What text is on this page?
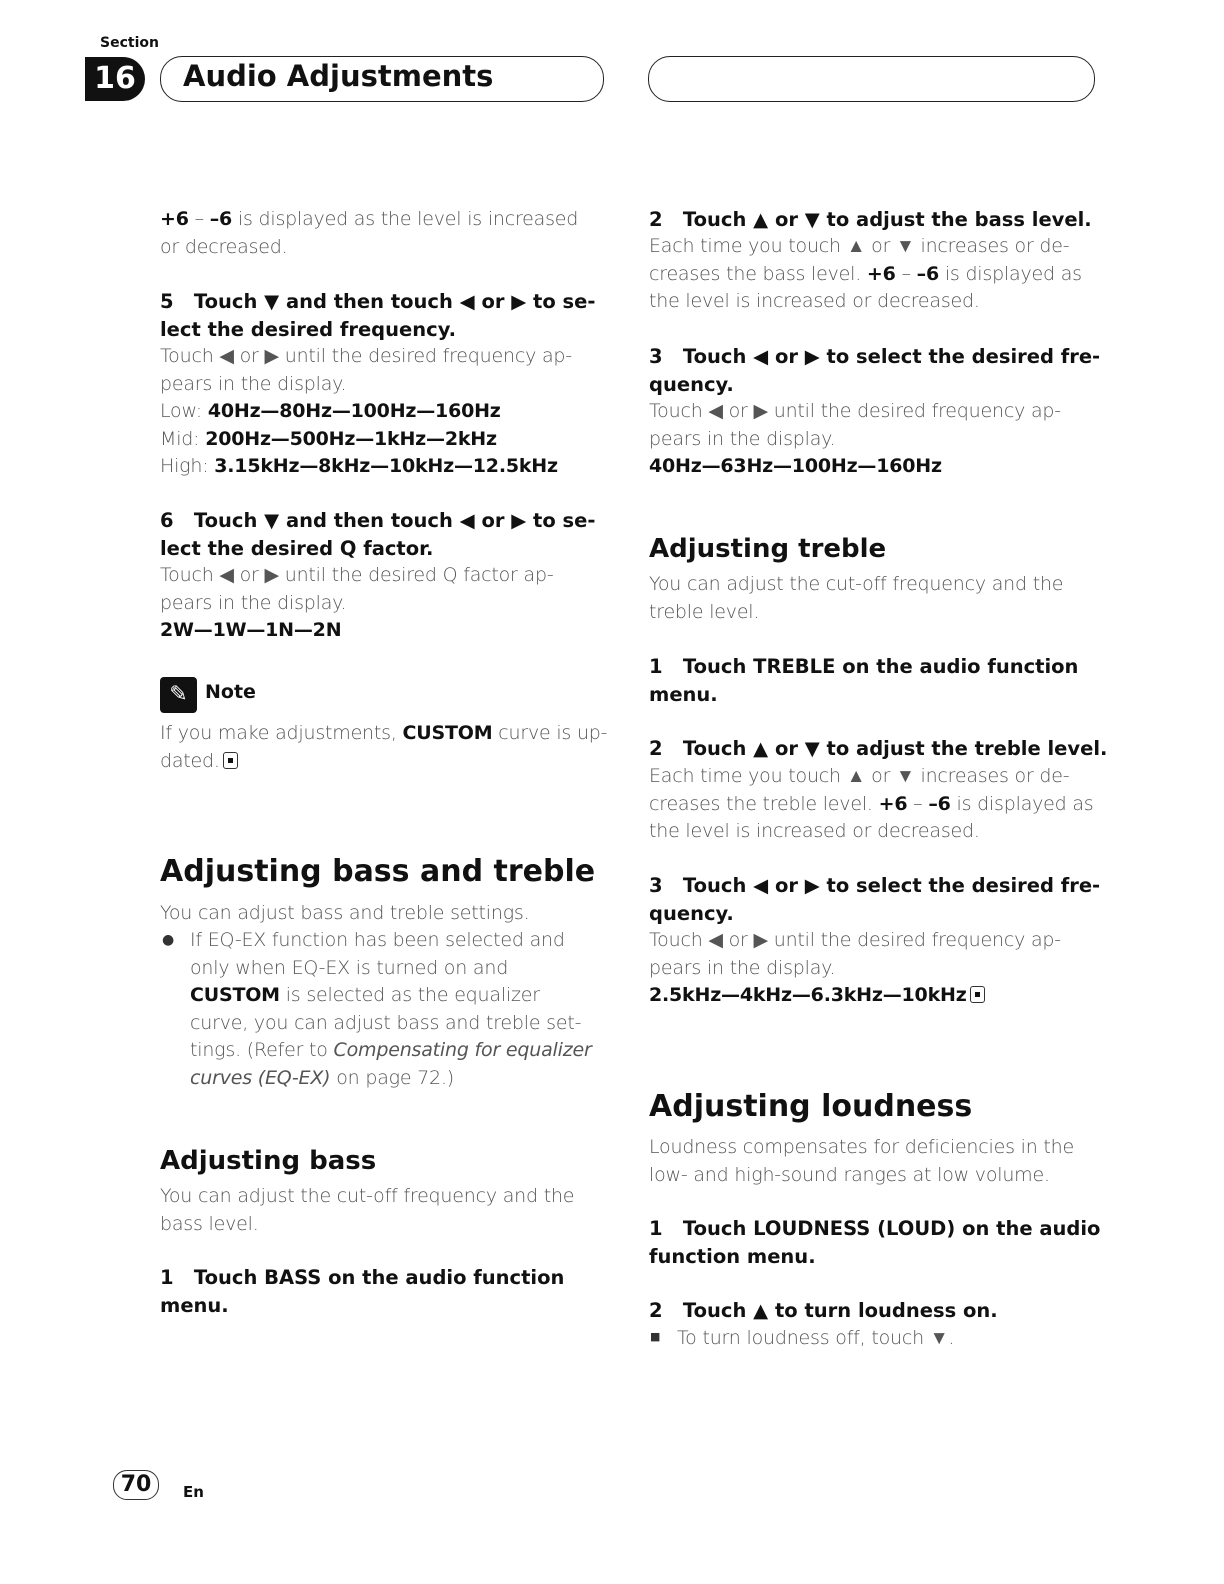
Section
16	Audio Adjustments
+6 – –6 is displayed as the level is increased
or decreased.
5   Touch ▼ and then touch ◀ or ▶ to se-
lect the desired frequency.
Touch ◀ or ▶ until the desired frequency ap-
pears in the display.
Low: 40Hz—80Hz—100Hz—160Hz
Mid: 200Hz—500Hz—1kHz—2kHz
High: 3.15kHz—8kHz—10kHz—12.5kHz
6   Touch ▼ and then touch ◀ or ▶ to se-
lect the desired Q factor.
Touch ◀ or ▶ until the desired Q factor ap-
pears in the display.
2W—1W—1N—2N
✎ Note
If you make adjustments, CUSTOM curve is up-
dated.
Adjusting bass and treble
You can adjust bass and treble settings.
● If EQ-EX function has been selected and
only when EQ-EX is turned on and
CUSTOM is selected as the equalizer
curve, you can adjust bass and treble set-
tings. (Refer to Compensating for equalizer
curves (EQ-EX) on page 72.)
Adjusting bass
You can adjust the cut-off frequency and the
bass level.
1   Touch BASS on the audio function
menu.
2   Touch ▲ or ▼ to adjust the bass level.
Each time you touch ▲ or ▼ increases or de-
creases the bass level. +6 – –6 is displayed as
the level is increased or decreased.
3   Touch ◀ or ▶ to select the desired fre-
quency.
Touch ◀ or ▶ until the desired frequency ap-
pears in the display.
40Hz—63Hz—100Hz—160Hz
Adjusting treble
You can adjust the cut-off frequency and the
treble level.
1   Touch TREBLE on the audio function
menu.
2   Touch ▲ or ▼ to adjust the treble level.
Each time you touch ▲ or ▼ increases or de-
creases the treble level. +6 – –6 is displayed as
the level is increased or decreased.
3   Touch ◀ or ▶ to select the desired fre-
quency.
Touch ◀ or ▶ until the desired frequency ap-
pears in the display.
2.5kHz—4kHz—6.3kHz—10kHz
Adjusting loudness
Loudness compensates for deficiencies in the
low- and high-sound ranges at low volume.
1   Touch LOUDNESS (LOUD) on the audio
function menu.
2   Touch ▲ to turn loudness on.
■ To turn loudness off, touch ▼.
70	En
